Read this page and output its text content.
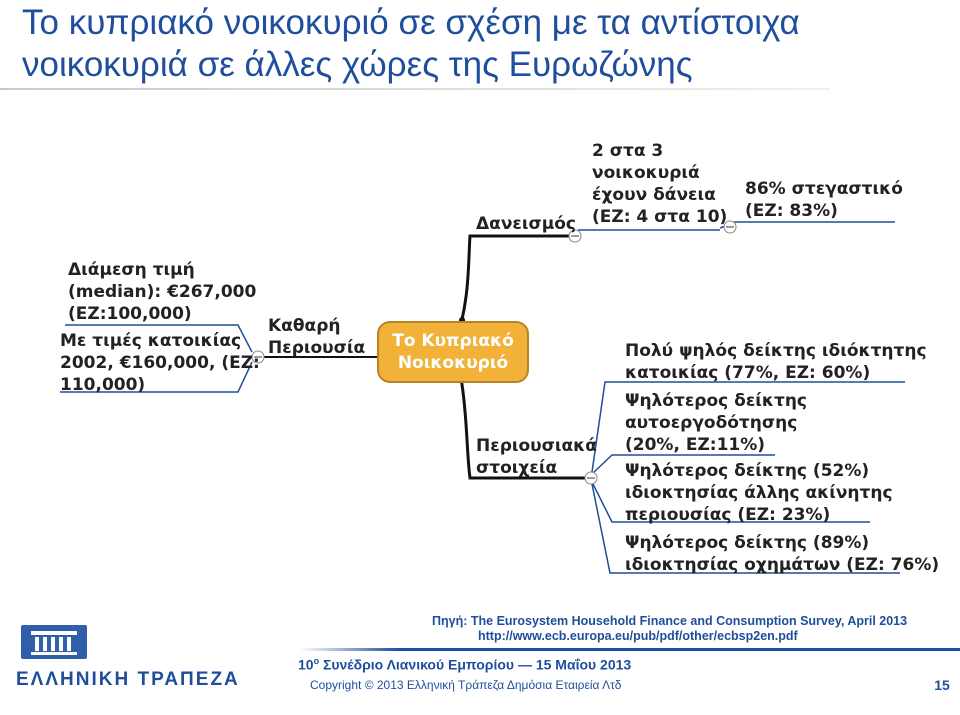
Το κυπριακό νοικοκυριό σε σχέση με τα αντίστοιχα
νοικοκυριά σε άλλες χώρες της Ευρωζώνης
Το Κυπριακό
Νοικοκυριό
Δανεισμός
2 στα 3
νοικοκυριά
έχουν δάνεια
(EZ: 4 στα 10)
86% στεγαστικό
(EZ: 83%)
Καθαρή
Περιουσία
Διάμεση τιμή
(median): €267,000
(EZ:100,000)
Με τιμές κατοικίας
2002, €160,000, (EZ:
110,000)
Περιουσιακά
στοιχεία
Πολύ ψηλός δείκτης ιδιόκτητης
κατοικίας (77%, EZ: 60%)
Ψηλότερος δείκτης
αυτοεργοδότησης
(20%, EZ:11%)
Ψηλότερος δείκτης (52%)
ιδιοκτησίας άλλης ακίνητης
περιουσίας (EZ: 23%)
Ψηλότερος δείκτης (89%)
ιδιοκτησίας οχημάτων (EZ: 76%)
Πηγή: The Eurosystem Household Finance and Consumption Survey, April 2013
http://www.ecb.europa.eu/pub/pdf/other/ecbsp2en.pdf
ΕΛΛΗΝΙΚΗ ΤΡΑΠΕΖΑ
$10^o$ Συνέδριο Λιανικού Εμπορίου — 15 Μαΐου 2013
Copyright © 2013 Ελληνική Τράπεζα Δημόσια Εταιρεία Λτδ	15
